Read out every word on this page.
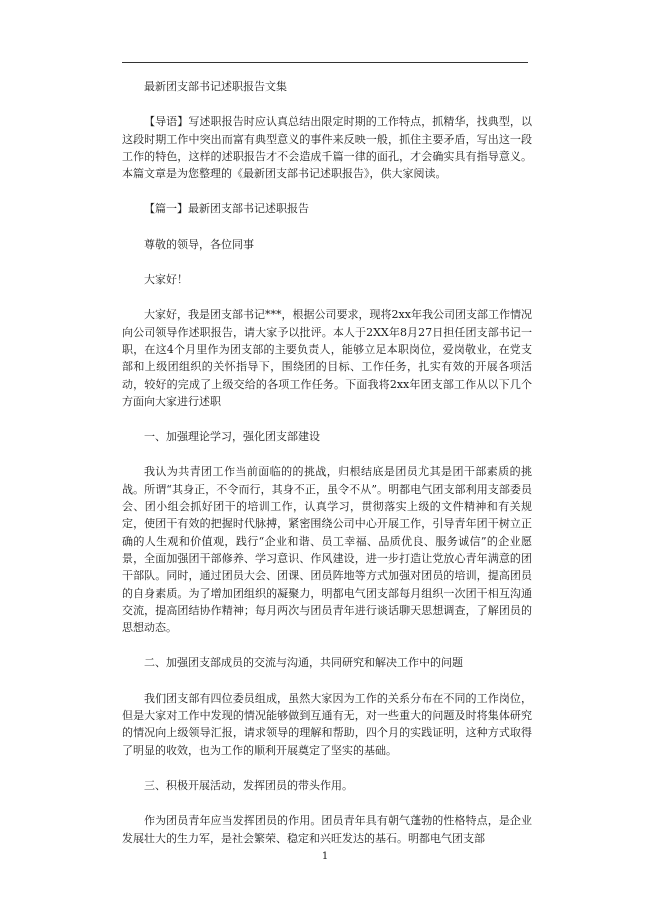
最新团支部书记述职报告文集

【导语】写述职报告时应认真总结出限定时期的工作特点，抓精华，找典型，以这段时期工作中突出而富有典型意义的事件来反映一般，抓住主要矛盾，写出这一段工作的特色，这样的述职报告才不会造成千篇一律的面孔，才会确实具有指导意义。本篇文章是为您整理的《最新团支部书记述职报告》，供大家阅读。

【篇一】最新团支部书记述职报告

尊敬的领导，各位同事

大家好！

大家好，我是团支部书记***，根据公司要求，现将2xx年我公司团支部工作情况向公司领导作述职报告，请大家予以批评。本人于2XX年8月27日担任团支部书记一职，在这4个月里作为团支部的主要负责人，能够立足本职岗位，爱岗敬业，在党支部和上级团组织的关怀指导下，围绕团的目标、工作任务，扎实有效的开展各项活动，较好的完成了上级交给的各项工作任务。下面我将2xx年团支部工作从以下几个方面向大家进行述职

一、加强理论学习，强化团支部建设

我认为共青团工作当前面临的的挑战，归根结底是团员尤其是团干部素质的挑战。所谓“其身正，不令而行，其身不正，虽令不从”。明都电气团支部利用支部委员会、团小组会抓好团干的培训工作，认真学习，贯彻落实上级的文件精神和有关规定，使团干有效的把握时代脉搏，紧密围绕公司中心开展工作，引导青年团干树立正确的人生观和价值观，践行“企业和谐、员工幸福、品质优良、服务诚信”的企业愿景，全面加强团干部修养、学习意识、作风建设，进一步打造让党放心青年满意的团干部队。同时，通过团员大会、团课、团员阵地等方式加强对团员的培训，提高团员的自身素质。为了增加团组织的凝聚力，明都电气团支部每月组织一次团干相互沟通交流，提高团结协作精神；每月两次与团员青年进行谈话聊天思想调查，了解团员的思想动态。

二、加强团支部成员的交流与沟通，共同研究和解决工作中的问题

我们团支部有四位委员组成，虽然大家因为工作的关系分布在不同的工作岗位，但是大家对工作中发现的情况能够做到互通有无，对一些重大的问题及时将集体研究的情况向上级领导汇报，请求领导的理解和帮助，四个月的实践证明，这种方式取得了明显的收效，也为工作的顺利开展奠定了坚实的基础。

三、积极开展活动，发挥团员的带头作用。

作为团员青年应当发挥团员的作用。团员青年具有朝气蓬勃的性格特点，是企业发展壮大的生力军，是社会繁荣、稳定和兴旺发达的基石。明都电气团支部

1
